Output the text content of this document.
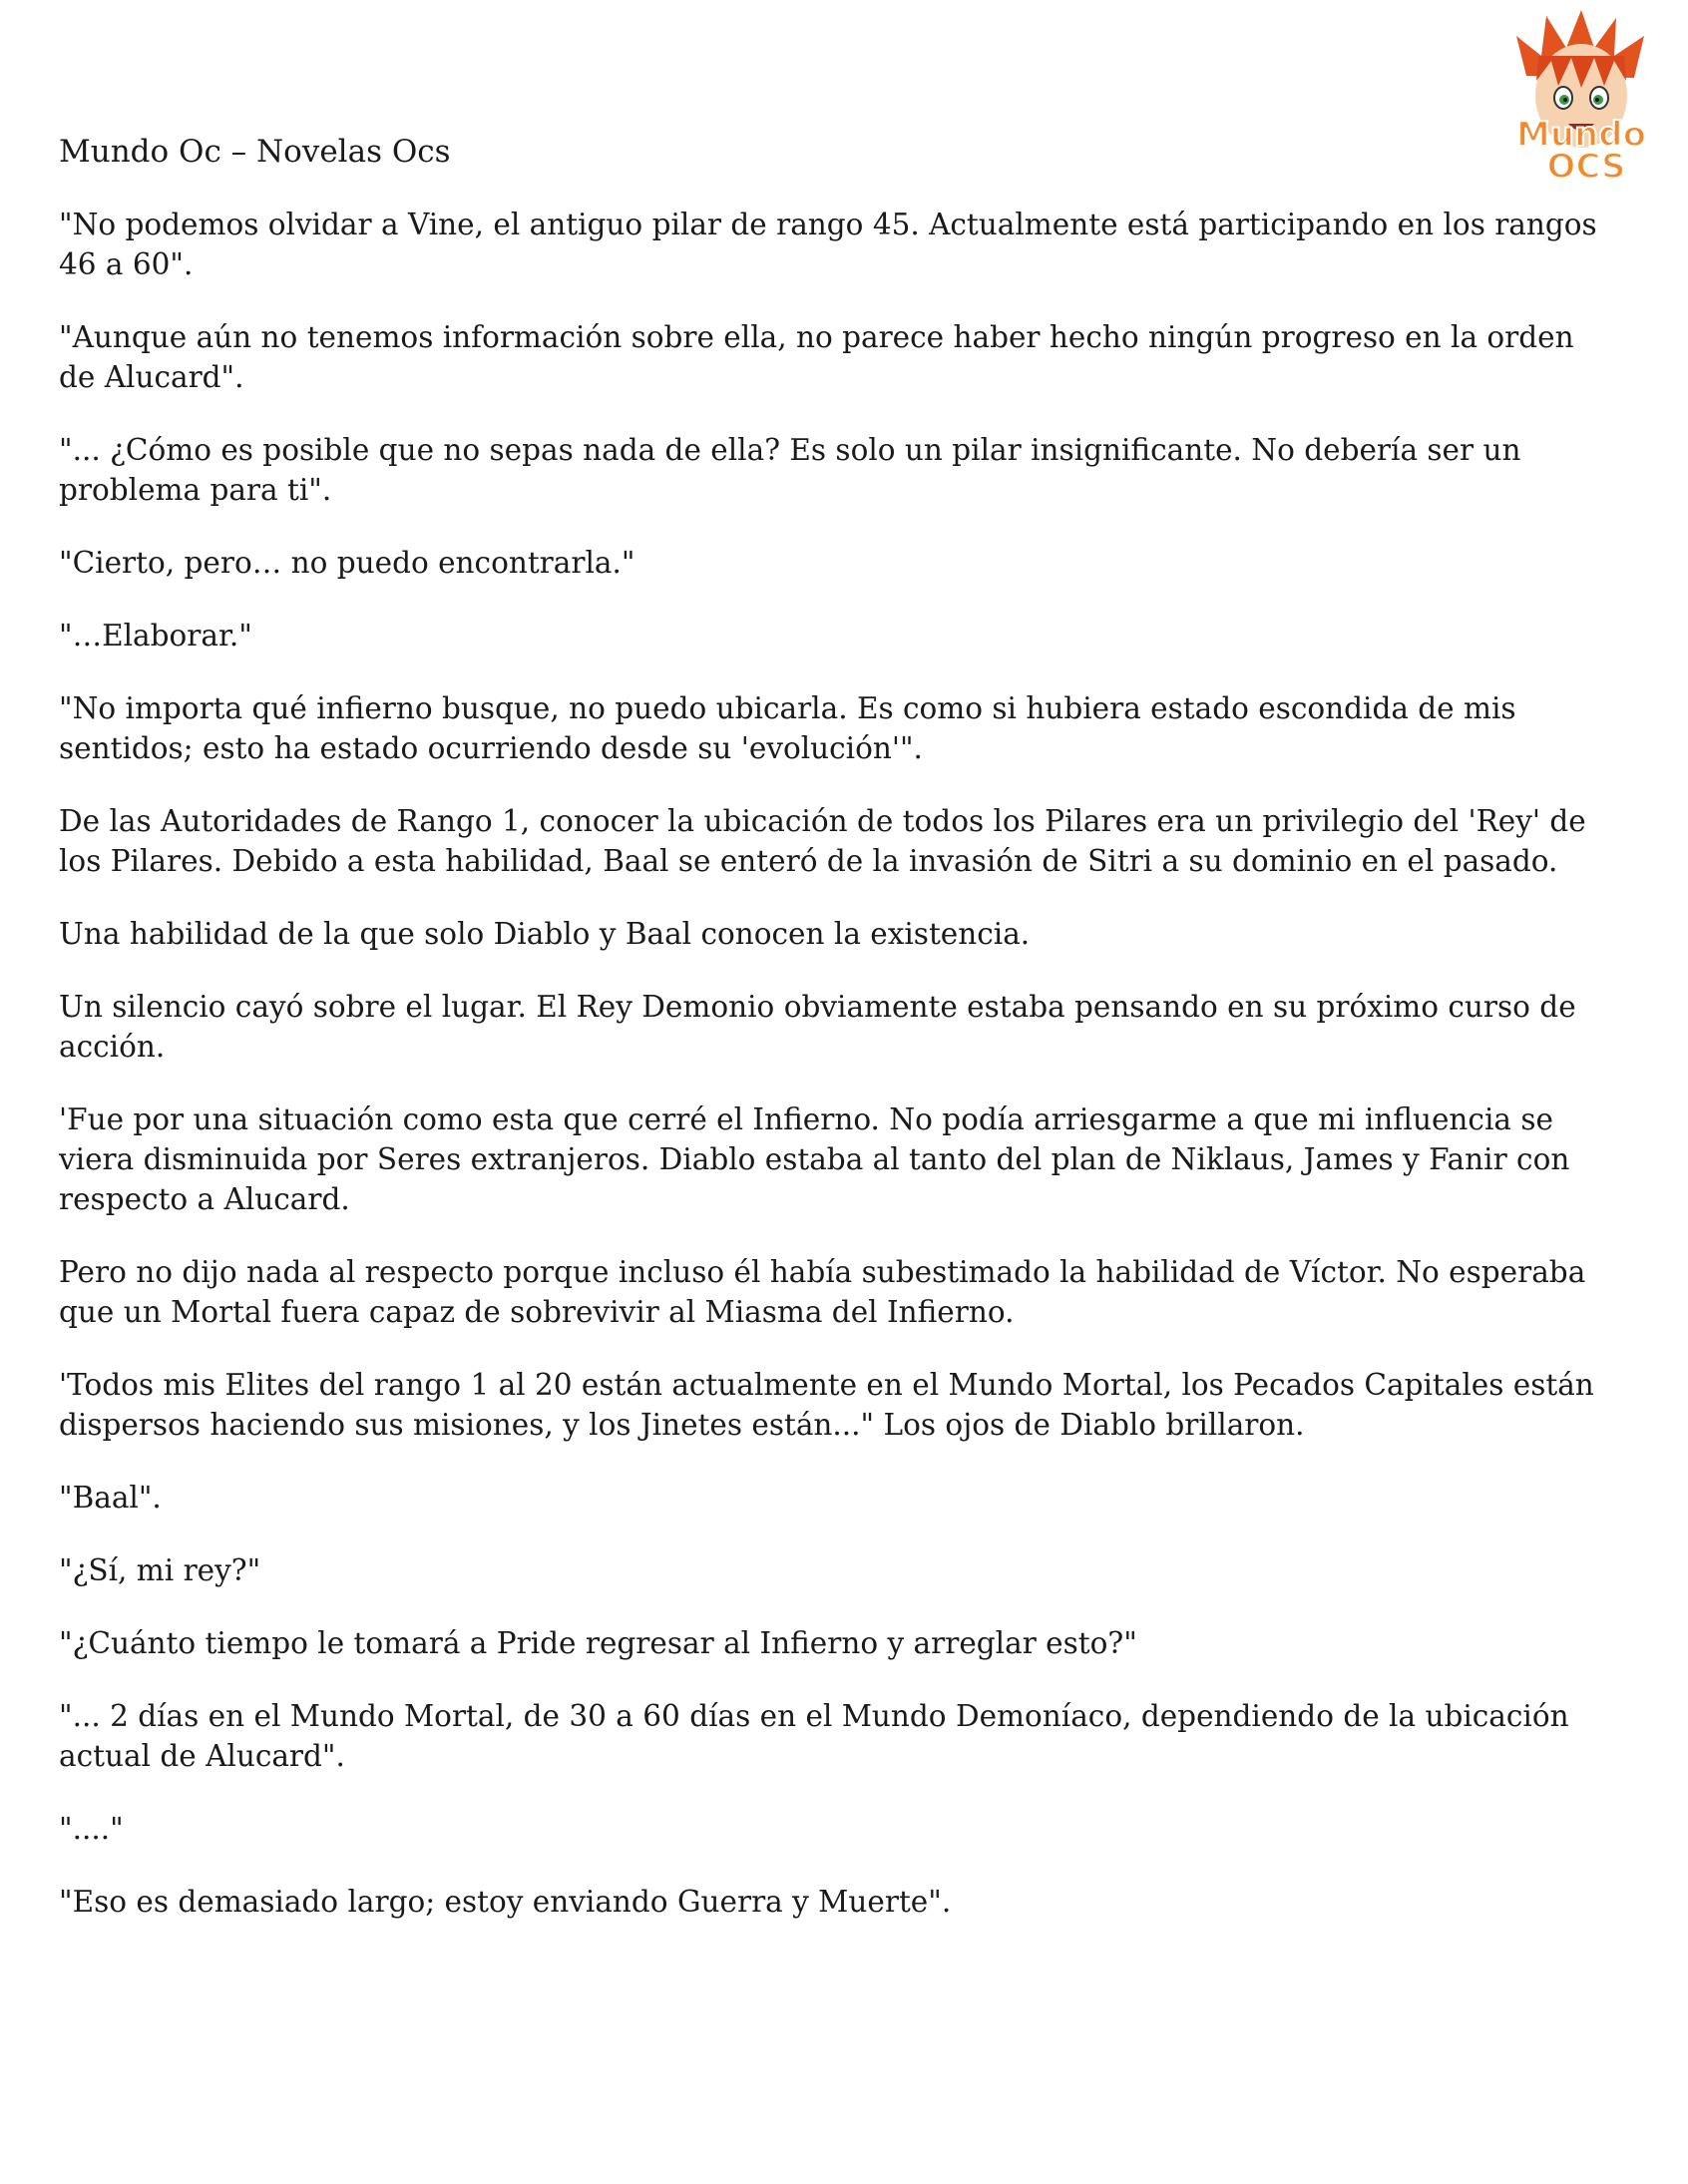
Mundo
OCS

Mundo Oc – Novelas Ocs

"No podemos olvidar a Vine, el antiguo pilar de rango 45. Actualmente está participando en los rangos 46 a 60".

"Aunque aún no tenemos información sobre ella, no parece haber hecho ningún progreso en la orden de Alucard".

"... ¿Cómo es posible que no sepas nada de ella? Es solo un pilar insignificante. No debería ser un problema para ti".

"Cierto, pero… no puedo encontrarla."

"…Elaborar."

"No importa qué infierno busque, no puedo ubicarla. Es como si hubiera estado escondida de mis sentidos; esto ha estado ocurriendo desde su 'evolución'".

De las Autoridades de Rango 1, conocer la ubicación de todos los Pilares era un privilegio del 'Rey' de los Pilares. Debido a esta habilidad, Baal se enteró de la invasión de Sitri a su dominio en el pasado.

Una habilidad de la que solo Diablo y Baal conocen la existencia.

Un silencio cayó sobre el lugar. El Rey Demonio obviamente estaba pensando en su próximo curso de acción.

'Fue por una situación como esta que cerré el Infierno. No podía arriesgarme a que mi influencia se viera disminuida por Seres extranjeros. Diablo estaba al tanto del plan de Niklaus, James y Fanir con respecto a Alucard.

Pero no dijo nada al respecto porque incluso él había subestimado la habilidad de Víctor. No esperaba que un Mortal fuera capaz de sobrevivir al Miasma del Infierno.

'Todos mis Elites del rango 1 al 20 están actualmente en el Mundo Mortal, los Pecados Capitales están dispersos haciendo sus misiones, y los Jinetes están..." Los ojos de Diablo brillaron.

"Baal".

"¿Sí, mi rey?"

"¿Cuánto tiempo le tomará a Pride regresar al Infierno y arreglar esto?"

"... 2 días en el Mundo Mortal, de 30 a 60 días en el Mundo Demoníaco, dependiendo de la ubicación actual de Alucard".

"...."

"Eso es demasiado largo; estoy enviando Guerra y Muerte".
